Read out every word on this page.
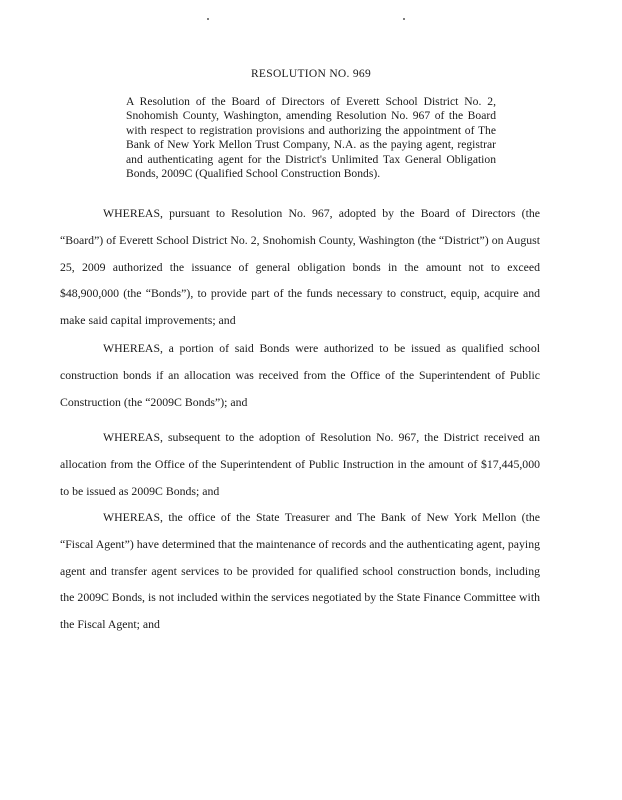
RESOLUTION NO. 969
A Resolution of the Board of Directors of Everett School District No. 2, Snohomish County, Washington, amending Resolution No. 967 of the Board with respect to registration provisions and authorizing the appointment of The Bank of New York Mellon Trust Company, N.A. as the paying agent, registrar and authenticating agent for the District's Unlimited Tax General Obligation Bonds, 2009C (Qualified School Construction Bonds).

WHEREAS, pursuant to Resolution No. 967, adopted by the Board of Directors (the “Board”) of Everett School District No. 2, Snohomish County, Washington (the “District”) on August 25, 2009 authorized the issuance of general obligation bonds in the amount not to exceed $48,900,000 (the “Bonds”), to provide part of the funds necessary to construct, equip, acquire and make said capital improvements; and

WHEREAS, a portion of said Bonds were authorized to be issued as qualified school construction bonds if an allocation was received from the Office of the Superintendent of Public Construction (the “2009C Bonds”); and

WHEREAS, subsequent to the adoption of Resolution No. 967, the District received an allocation from the Office of the Superintendent of Public Instruction in the amount of $17,445,000 to be issued as 2009C Bonds; and

WHEREAS, the office of the State Treasurer and The Bank of New York Mellon (the “Fiscal Agent”) have determined that the maintenance of records and the authenticating agent, paying agent and transfer agent services to be provided for qualified school construction bonds, including the 2009C Bonds, is not included within the services negotiated by the State Finance Committee with the Fiscal Agent; and
